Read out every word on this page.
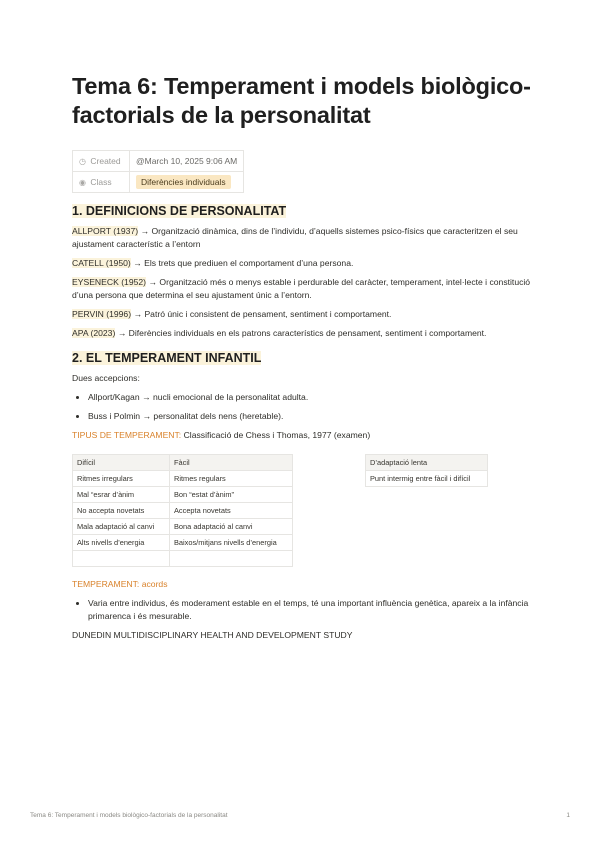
Tema 6: Temperament i models biològico-factorials de la personalitat
◷ Created	@March 10, 2025 9:06 AM
◉ Class	Diferències individuals
1. DEFINICIONS DE PERSONALITAT

ALLPORT (1937) → Organització dinàmica, dins de l’individu, d’aquells sistemes psico-físics que caracteritzen el seu ajustament característic a l’entorn

CATELL (1950) → Els trets que prediuen el comportament d’una persona.

EYSENECK (1952) → Organització més o menys estable i perdurable del caràcter, temperament, intel·lecte i constitució d’una persona que determina el seu ajustament únic a l’entorn.

PERVIN (1996) → Patró únic i consistent de pensament, sentiment i comportament.

APA (2023) → Diferències individuals en els patrons característics de pensament, sentiment i comportament.

2. EL TEMPERAMENT INFANTIL

Dues accepcions:

• Allport/Kagan → nucli emocional de la personalitat adulta.
• Buss i Polmin → personalitat dels nens (heretable).

TIPUS DE TEMPERAMENT: Classificació de Chess i Thomas, 1977 (examen)

Difícil	Fàcil
Ritmes irregulars	Ritmes regulars
Mal “esrar d’ànim	Bon “estat d’ànim”
No accepta novetats	Accepta novetats
Mala adaptació al canvi	Bona adaptació al canvi
Alts nivells d’energia	Baixos/mitjans nivells d’energia

D’adaptació lenta
Punt intermig entre fàcil i difícil

TEMPERAMENT: acords

• Varia entre individus, és moderament estable en el temps, té una important influència genètica, apareix a la infància primarenca i és mesurable.

DUNEDIN MULTIDISCIPLINARY HEALTH AND DEVELOPMENT STUDY

Tema 6: Temperament i models biològico-factorials de la personalitat	1
